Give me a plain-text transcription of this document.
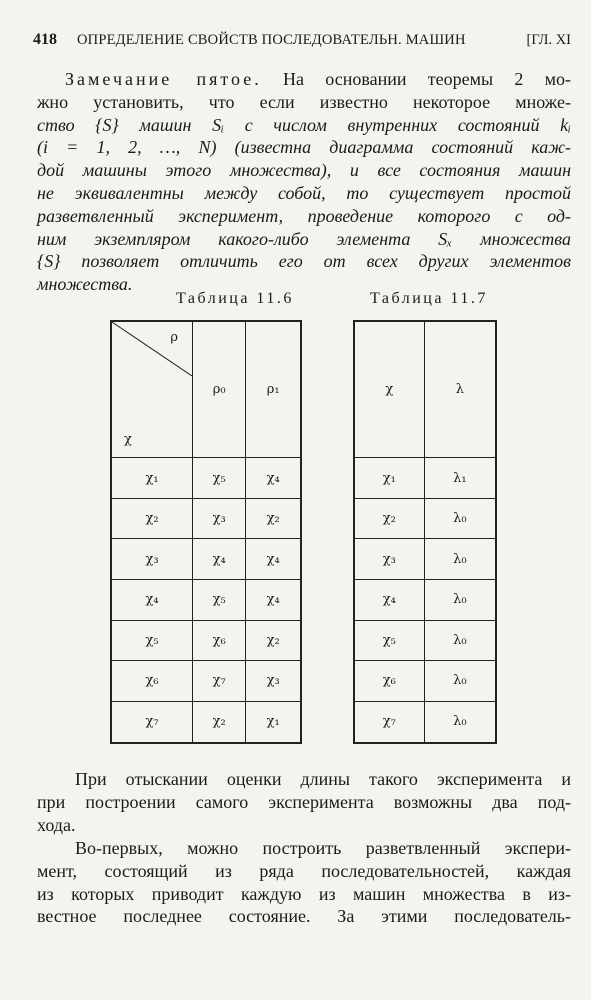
418	ОПРЕДЕЛЕНИЕ СВОЙСТВ ПОСЛЕДОВАТЕЛЬН. МАШИН	[ГЛ. XI
Замечание пятое. На основании теоремы 2 мо-
жно установить, что если известно некоторое множе-
ство {S} машин Sᵢ с числом внутренних состояний kᵢ
(i = 1, 2, …, N) (известна диаграмма состояний каж-
дой машины этого множества), и все состояния машин
не эквивалентны между собой, то существует простой
разветвленный эксперимент, проведение которого с од-
ним экземпляром какого-либо элемента Sₓ множества
{S} позволяет отличить его от всех других элементов
множества.
Таблица 11.6	Таблица 11.7
ρ
χ	ρ₀	ρ₁
χ₁	χ₅	χ₄
χ₂	χ₃	χ₂
χ₃	χ₄	χ₄
χ₄	χ₅	χ₄
χ₅	χ₆	χ₂
χ₆	χ₇	χ₃
χ₇	χ₂	χ₁
χ	λ
χ₁	λ₁
χ₂	λ₀
χ₃	λ₀
χ₄	λ₀
χ₅	λ₀
χ₆	λ₀
χ₇	λ₀
При отыскании оценки длины такого эксперимента и
при построении самого эксперимента возможны два под-
хода.
Во-первых, можно построить разветвленный экспери-
мент, состоящий из ряда последовательностей, каждая
из которых приводит каждую из машин множества в из-
вестное последнее состояние. За этими последователь-
